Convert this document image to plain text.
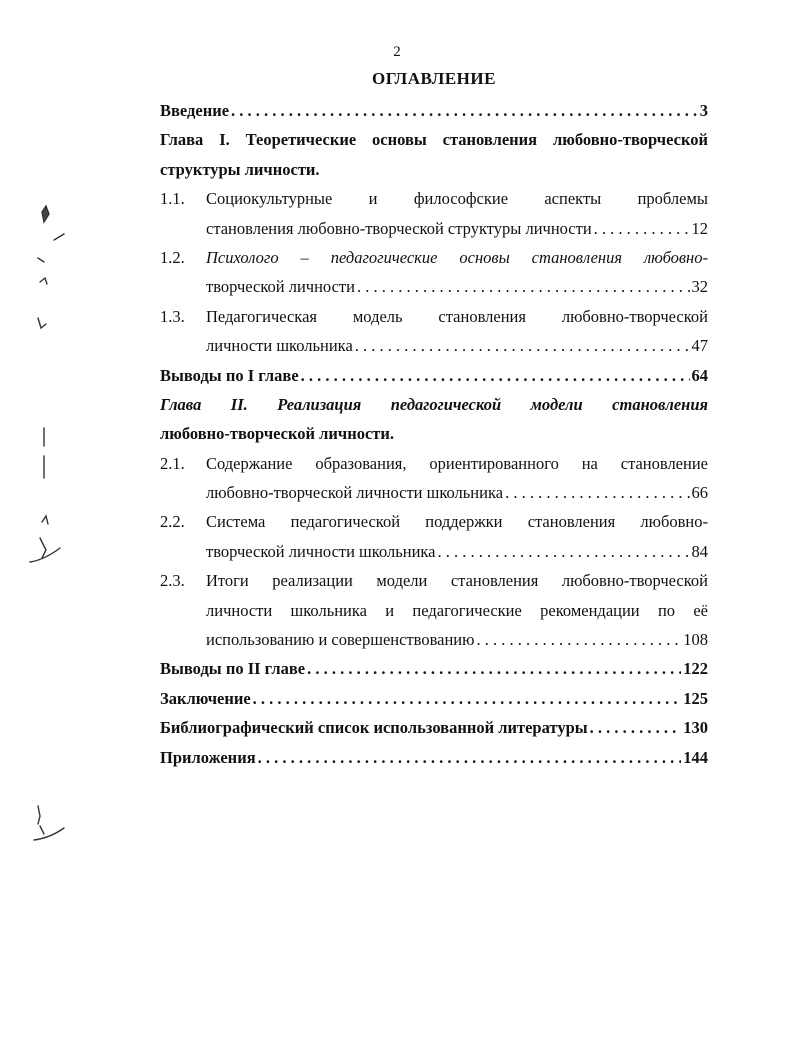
2
ОГЛАВЛЕНИЕ
Введение . . .	3
Глава I. Теоретические основы становления любовно-творческой
структуры личности.
1.1.	Социокультурные и философские аспекты проблемы
становления любовно-творческой структуры личности . . .	12
1.2.	Психолого – педагогические основы становления любовно-
творческой личности . . .	32
1.3.	Педагогическая модель становления любовно-творческой
личности школьника . . .	47
Выводы по I главе . . .	64
Глава II. Реализация педагогической модели становления
любовно-творческой личности.
2.1.	Содержание образования, ориентированного на становление
любовно-творческой личности школьника . . .	66
2.2.	Система педагогической поддержки становления любовно-
творческой личности школьника . . .	84
2.3.	Итоги реализации модели становления любовно-творческой
личности школьника и педагогические рекомендации по её
использованию и совершенствованию . . .	108
Выводы по II главе . . .	122
Заключение . . .	125
Библиографический список использованной литературы . . .	130
Приложения . . .	144
